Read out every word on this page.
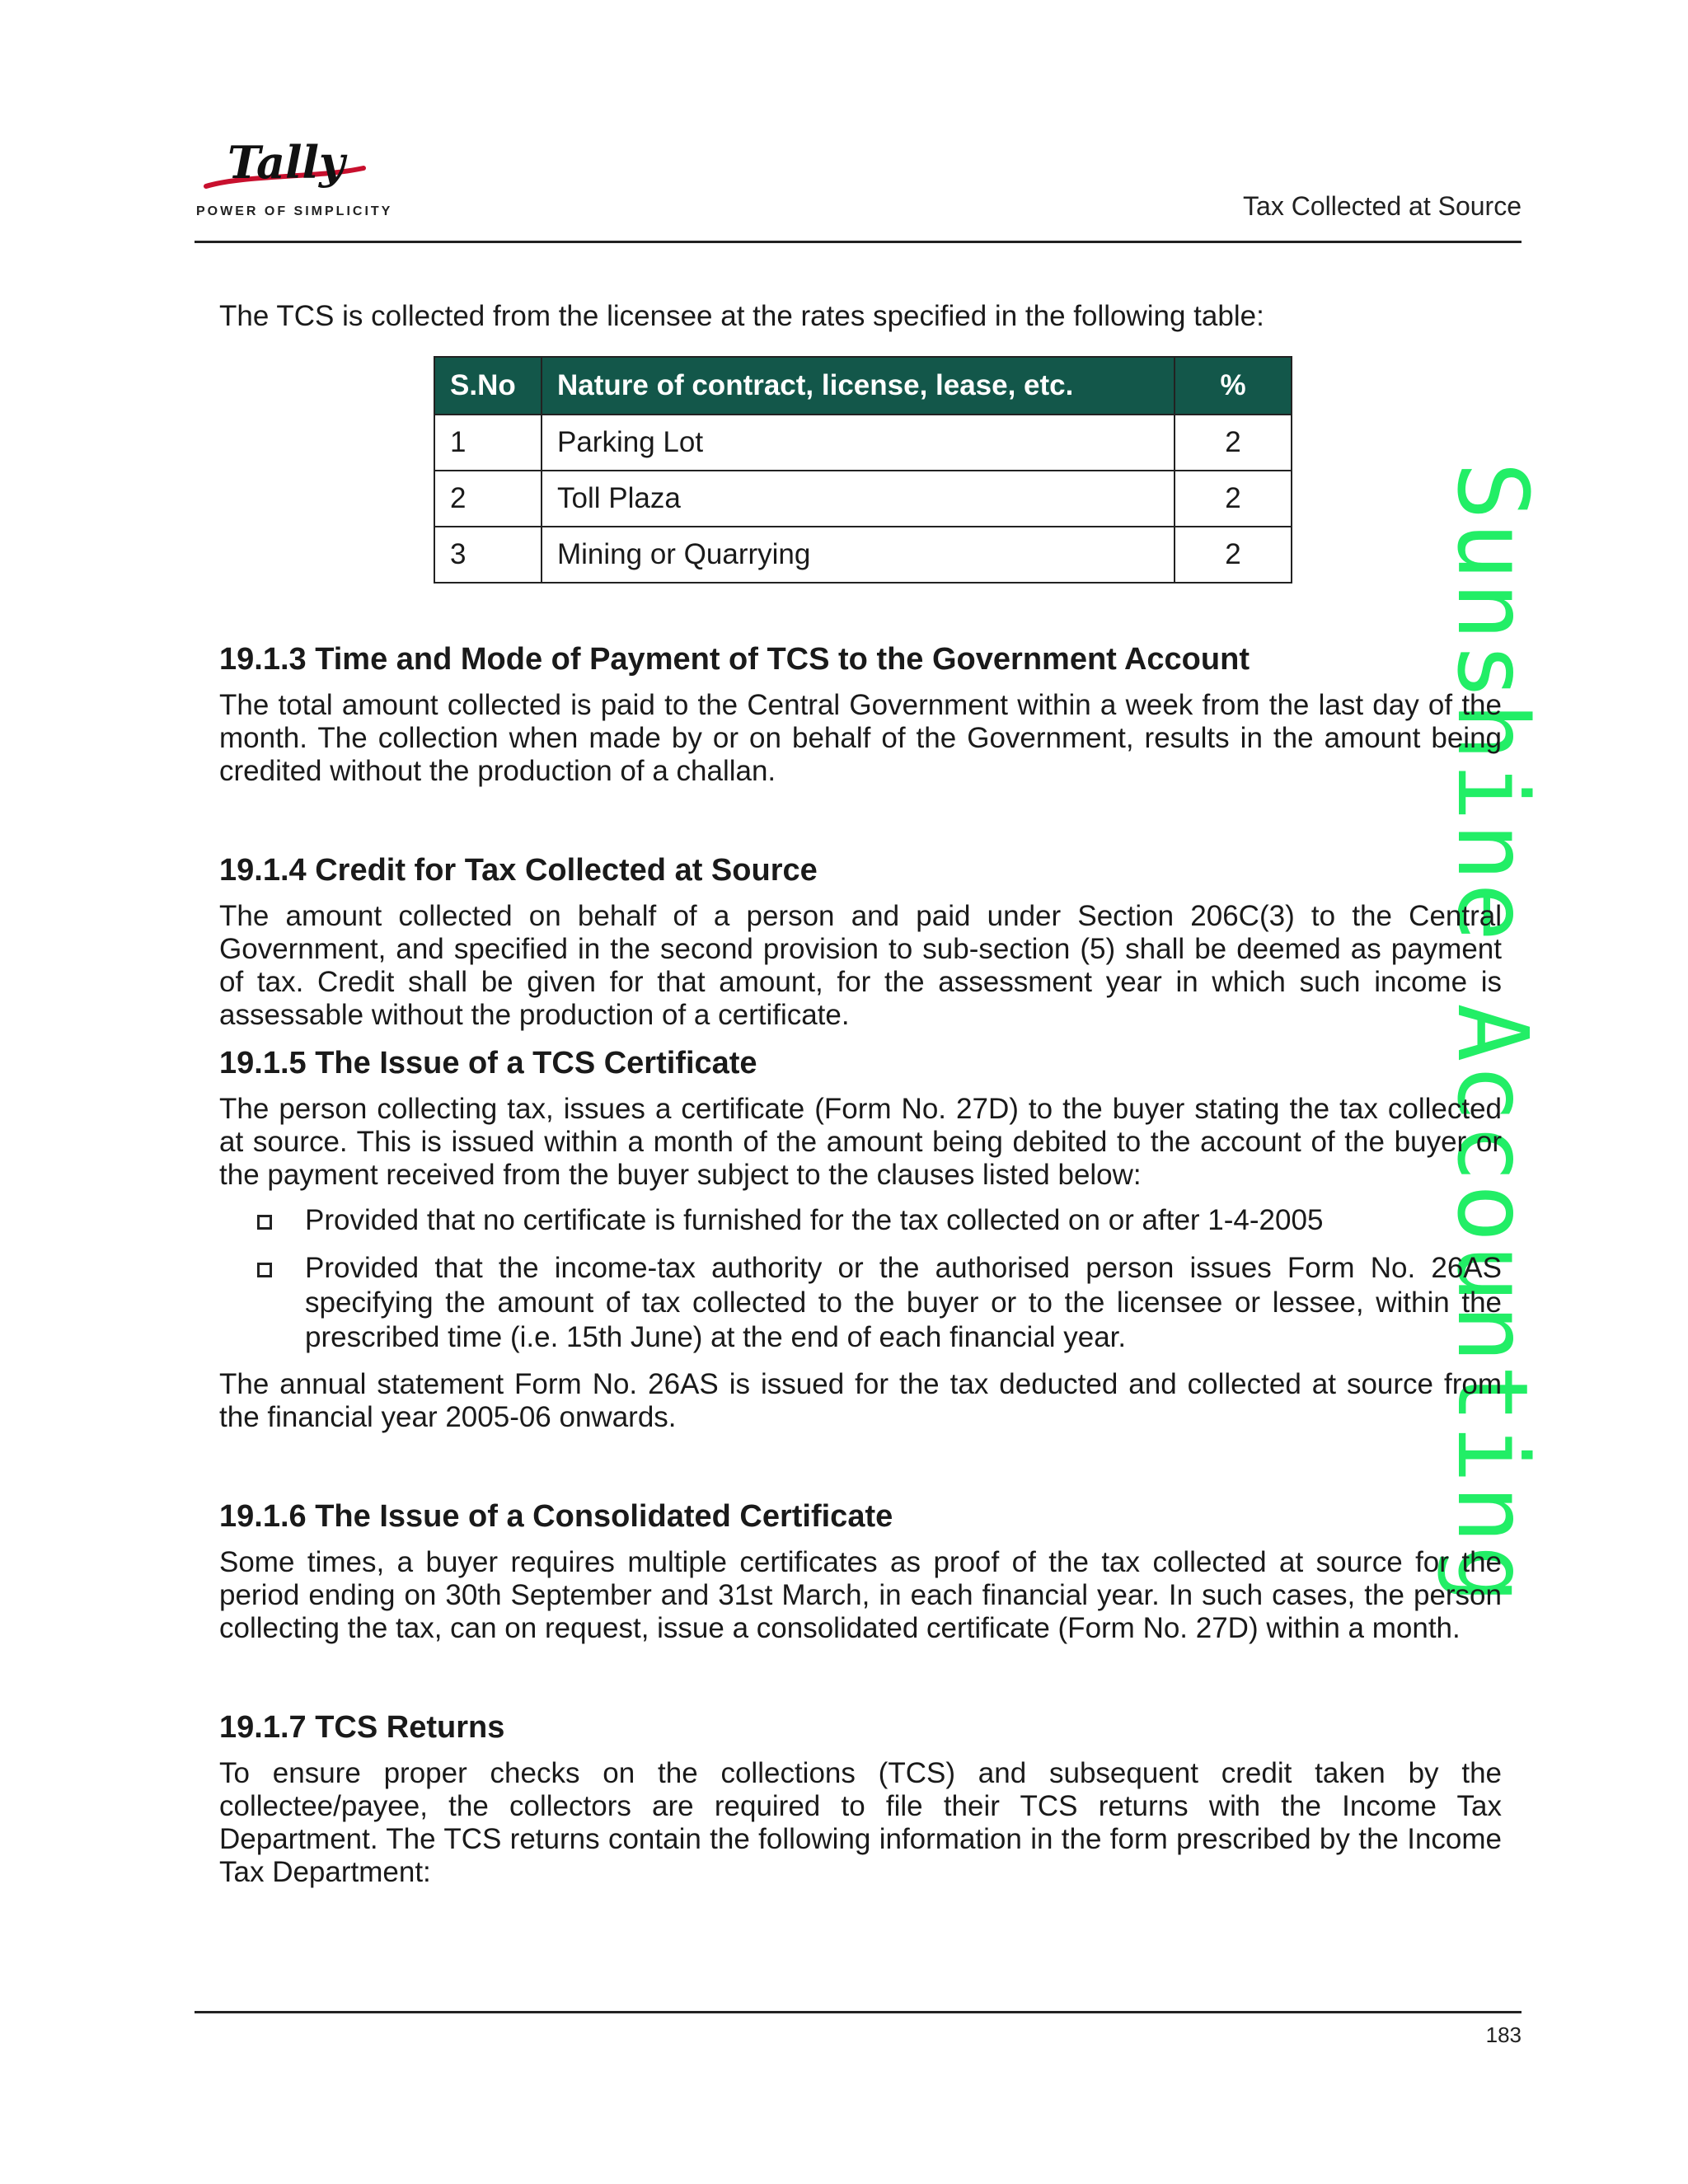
Tally
POWER OF SIMPLICITY	Tax Collected at Source
Sunshine Accounting

The TCS is collected from the licensee at the rates specified in the following table:

S.No	Nature of contract, license, lease, etc.	%
1	Parking Lot	2
2	Toll Plaza	2
3	Mining or Quarrying	2
19.1.3 Time and Mode of Payment of TCS to the Government Account

The total amount collected is paid to the Central Government within a week from the last day of the month. The collection when made by or on behalf of the Government, results in the amount being credited without the production of a challan.

19.1.4 Credit for Tax Collected at Source

The amount collected on behalf of a person and paid under Section 206C(3) to the Central Government, and specified in the second provision to sub-section (5) shall be deemed as payment of tax. Credit shall be given for that amount, for the assessment year in which such income is assessable without the production of a certificate.

19.1.5 The Issue of a TCS Certificate

The person collecting tax, issues a certificate (Form No. 27D) to the buyer stating the tax collected at source. This is issued within a month of the amount being debited to the account of the buyer or the payment received from the buyer subject to the clauses listed below:

Provided that no certificate is furnished for the tax collected on or after 1-4-2005
Provided that the income-tax authority or the authorised person issues Form No. 26AS specifying the amount of tax collected to the buyer or to the licensee or lessee, within the prescribed time (i.e. 15th June) at the end of each financial year.

The annual statement Form No. 26AS is issued for the tax deducted and collected at source from the financial year 2005-06 onwards.

19.1.6 The Issue of a Consolidated Certificate

Some times, a buyer requires multiple certificates as proof of the tax collected at source for the period ending on 30th September and 31st March, in each financial year. In such cases, the person collecting the tax, can on request, issue a consolidated certificate (Form No. 27D) within a month.

19.1.7 TCS Returns

To ensure proper checks on the collections (TCS) and subsequent credit taken by the collectee/payee, the collectors are required to file their TCS returns with the Income Tax Department. The TCS returns contain the following information in the form prescribed by the Income Tax Department:

183
